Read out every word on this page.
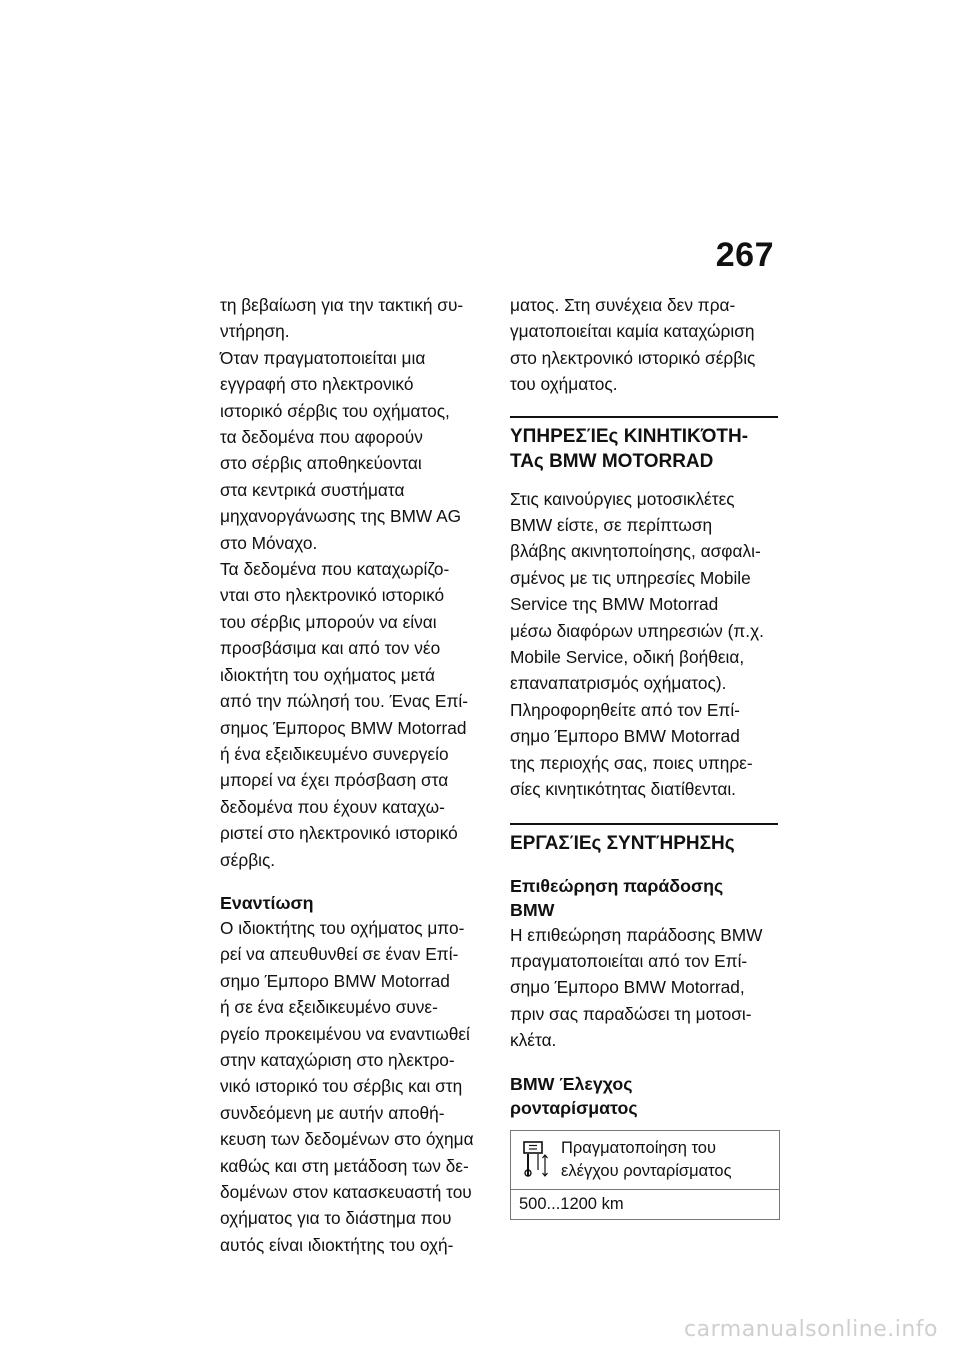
267

τη βεβαίωση για την τακτική συ-
ντήρηση.

Όταν πραγματοποιείται μια
εγγραφή στο ηλεκτρονικό
ιστορικό σέρβις του οχήματος,
τα δεδομένα που αφορούν
στο σέρβις αποθηκεύονται
στα κεντρικά συστήματα
μηχανοργάνωσης της BMW AG
στο Μόναχο.

Τα δεδομένα που καταχωρίζο-
νται στο ηλεκτρονικό ιστορικό
του σέρβις μπορούν να είναι
προσβάσιμα και από τον νέο
ιδιοκτήτη του οχήματος μετά
από την πώλησή του. Ένας Επί-
σημος Έμπορος BMW Motorrad
ή ένα εξειδικευμένο συνεργείο
μπορεί να έχει πρόσβαση στα
δεδομένα που έχουν καταχω-
ριστεί στο ηλεκτρονικό ιστορικό
σέρβις.

Εναντίωση

Ο ιδιοκτήτης του οχήματος μπο-
ρεί να απευθυνθεί σε έναν Επί-
σημο Έμπορο BMW Motorrad
ή σε ένα εξειδικευμένο συνε-
ργείο προκειμένου να εναντιωθεί
στην καταχώριση στο ηλεκτρο-
νικό ιστορικό του σέρβις και στη
συνδεόμενη με αυτήν αποθή-
κευση των δεδομένων στο όχημα
καθώς και στη μετάδοση των δε-
δομένων στον κατασκευαστή του
οχήματος για το διάστημα που
αυτός είναι ιδιοκτήτης του οχή-

ματος. Στη συνέχεια δεν πρα-
γματοποιείται καμία καταχώριση
στο ηλεκτρονικό ιστορικό σέρβις
του οχήματος.

ΥΠΗΡΕΣΊΕς ΚΙΝΗΤΙΚΌΤΗ-
ΤΑς BMW MOTORRAD

Στις καινούργιες μοτοσικλέτες
BMW είστε, σε περίπτωση
βλάβης ακινητοποίησης, ασφαλι-
σμένος με τις υπηρεσίες Mobile
Service της BMW Motorrad
μέσω διαφόρων υπηρεσιών (π.χ.
Mobile Service, οδική βοήθεια,
επαναπατρισμός οχήματος).
Πληροφορηθείτε από τον Επί-
σημο Έμπορο BMW Motorrad
της περιοχής σας, ποιες υπηρε-
σίες κινητικότητας διατίθενται.

ΕΡΓΑΣΊΕς ΣΥΝΤΉΡΗΣΗς
Επιθεώρηση παράδοσης
BMW

Η επιθεώρηση παράδοσης BMW
πραγματοποιείται από τον Επί-
σημο Έμπορο BMW Motorrad,
πριν σας παραδώσει τη μοτοσι-
κλέτα.

BMW Έλεγχος
ρονταρίσματος
Πραγματοποίηση του
ελέγχου ρονταρίσματος
500...1200 km
carmanualsonline.info
